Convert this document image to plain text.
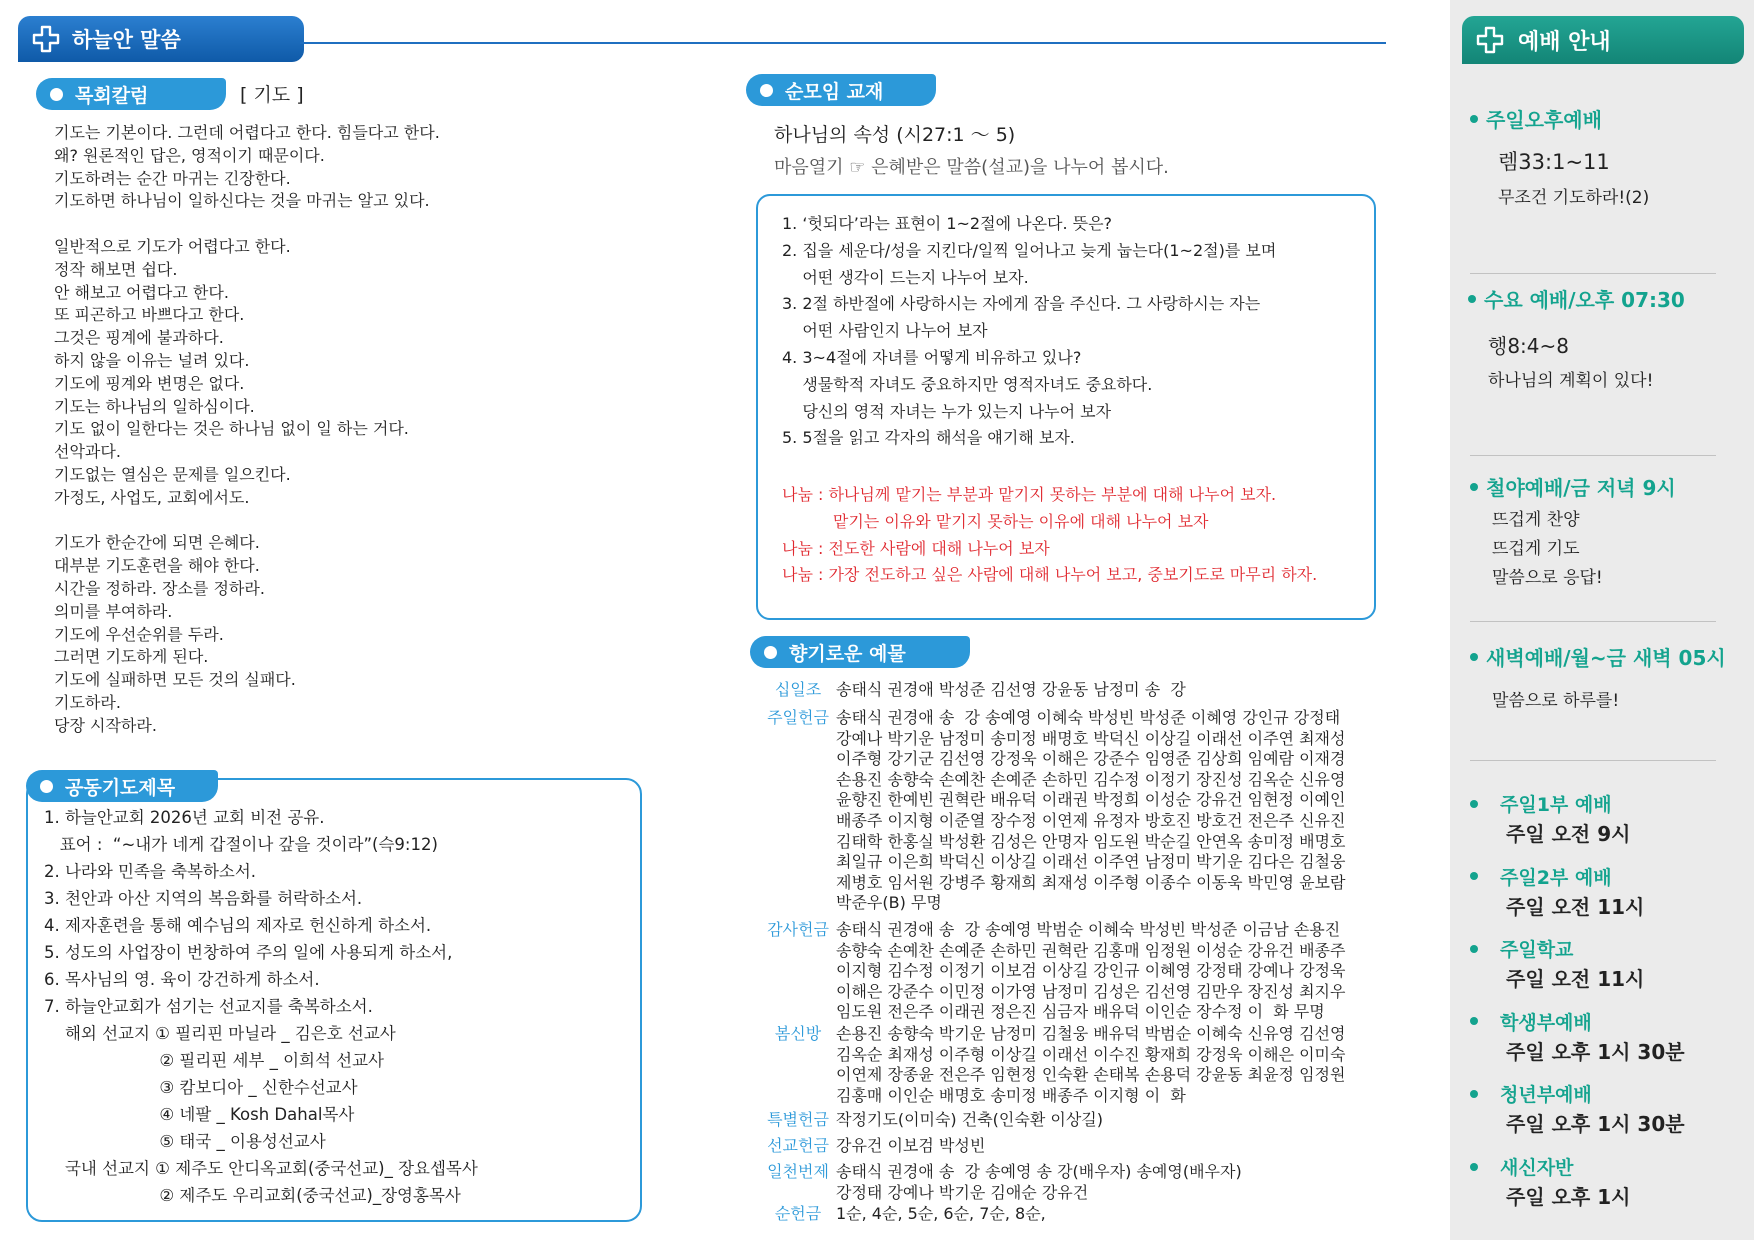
하늘안 말씀
목회칼럼	[ 기도 ]
기도는 기본이다. 그런데 어렵다고 한다. 힘들다고 한다.
왜? 원론적인 답은, 영적이기 때문이다.
기도하려는 순간 마귀는 긴장한다.
기도하면 하나님이 일하신다는 것을 마귀는 알고 있다.
일반적으로 기도가 어렵다고 한다.
정작 해보면 쉽다.
안 해보고 어렵다고 한다.
또 피곤하고 바쁘다고 한다.
그것은 핑계에 불과하다.
하지 않을 이유는 널려 있다.
기도에 핑계와 변명은 없다.
기도는 하나님의 일하심이다.
기도 없이 일한다는 것은 하나님 없이 일 하는 거다.
선악과다.
기도없는 열심은 문제를 일으킨다.
가정도, 사업도, 교회에서도.
기도가 한순간에 되면 은혜다.
대부분 기도훈련을 해야 한다.
시간을 정하라. 장소를 정하라.
의미를 부여하라.
기도에 우선순위를 두라.
그러면 기도하게 된다.
기도에 실패하면 모든 것의 실패다.
기도하라.
당장 시작하라.
공동기도제목
1. 하늘안교회 2026년 교회 비전 공유.
표어 :  “~내가 네게 갑절이나 갚을 것이라”(슥9:12)
2. 나라와 민족을 축복하소서.
3. 천안과 아산 지역의 복음화를 허락하소서.
4. 제자훈련을 통해 예수님의 제자로 헌신하게 하소서.
5. 성도의 사업장이 번창하여 주의 일에 사용되게 하소서,
6. 목사님의 영. 육이 강건하게 하소서.
7. 하늘안교회가 섬기는 선교지를 축복하소서.
해외 선교지 ① 필리핀 마닐라 _ 김은호 선교사
② 필리핀 세부 _ 이희석 선교사
③ 캄보디아 _ 신한수선교사
④ 네팔 _ Kosh Dahal목사
⑤ 태국 _ 이용성선교사
국내 선교지 ① 제주도 안디옥교회(중국선교)_ 장요셉목사
② 제주도 우리교회(중국선교)_장영홍목사
순모임 교재
하나님의 속성 (시27:1 ～ 5)
마음열기 ☞ 은혜받은 말씀(설교)을 나누어 봅시다.
1. ‘헛되다’라는 표현이 1~2절에 나온다. 뜻은?
2. 집을 세운다/성을 지킨다/일찍 일어나고 늦게 눕는다(1~2절)를 보며
어떤 생각이 드는지 나누어 보자.
3. 2절 하반절에 사랑하시는 자에게 잠을 주신다. 그 사랑하시는 자는
어떤 사람인지 나누어 보자
4. 3~4절에 자녀를 어떻게 비유하고 있나?
생물학적 자녀도 중요하지만 영적자녀도 중요하다.
당신의 영적 자녀는 누가 있는지 나누어 보자
5. 5절을 읽고 각자의 해석을 얘기해 보자.
나눔 : 하나님께 맡기는 부분과 맡기지 못하는 부분에 대해 나누어 보자.
맡기는 이유와 맡기지 못하는 이유에 대해 나누어 보자
나눔 : 전도한 사람에 대해 나누어 보자
나눔 : 가장 전도하고 싶은 사람에 대해 나누어 보고, 중보기도로 마무리 하자.
향기로운 예물
십일조 송태식 권경애 박성준 김선영 강윤동 남정미 송  강
주일헌금 송태식 권경애 송  강 송예영 이혜숙 박성빈 박성준 이혜영 강인규 강정태
강예나 박기운 남정미 송미정 배명호 박덕신 이상길 이래선 이주연 최재성
이주형 강기군 김선영 강정욱 이해은 강준수 임영준 김상희 임예람 이재경
손용진 송향숙 손예찬 손예준 손하민 김수정 이정기 장진성 김옥순 신유영
윤향진 한예빈 권혁란 배유덕 이래권 박정희 이성순 강유건 임현정 이예인
배종주 이지형 이준열 장수정 이연제 유정자 방호진 방호건 전은주 신유진
김태학 한홍실 박성환 김성은 안명자 임도원 박순길 안연옥 송미정 배명호
최일규 이은희 박덕신 이상길 이래선 이주연 남정미 박기운 김다은 김철웅
제병호 임서원 강병주 황재희 최재성 이주형 이종수 이동욱 박민영 윤보람
박준우(B) 무명
감사헌금 송태식 권경애 송  강 송예영 박범순 이혜숙 박성빈 박성준 이금남 손용진
송향숙 손예찬 손예준 손하민 권혁란 김홍매 임정원 이성순 강유건 배종주
이지형 김수정 이정기 이보검 이상길 강인규 이혜영 강정태 강예나 강정욱
이해은 강준수 이민정 이가영 남정미 김성은 김선영 김만우 장진성 최지우
임도원 전은주 이래권 정은진 심금자 배유덕 이인순 장수정 이  화 무명
봄신방 손용진 송향숙 박기운 남정미 김철웅 배유덕 박범순 이혜숙 신유영 김선영
김옥순 최재성 이주형 이상길 이래선 이수진 황재희 강정욱 이해은 이미숙
이연제 장종윤 전은주 임현정 인숙환 손태복 손용덕 강윤동 최윤정 임정원
김홍매 이인순 배명호 송미정 배종주 이지형 이  화
특별헌금 작정기도(이미숙) 건축(인숙환 이상길)
선교헌금 강유건 이보검 박성빈
일천번제 송태식 권경애 송  강 송예영 송 강(배우자) 송예영(배우자)
강정태 강예나 박기운 김애순 강유건
순헌금 1순, 4순, 5순, 6순, 7순, 8순,
예배 안내
주일오후예배
렘33:1~11
무조건 기도하라!(2)
수요 예배/오후 07:30
행8:4~8
하나님의 계획이 있다!
철야예배/금 저녁 9시
뜨겁게 찬양
뜨겁게 기도
말씀으로 응답!
새벽예배/월~금 새벽 05시
말씀으로 하루를!
주일1부 예배
주일 오전 9시
주일2부 예배
주일 오전 11시
주일학교
주일 오전 11시
학생부예배
주일 오후 1시 30분
청년부예배
주일 오후 1시 30분
새신자반
주일 오후 1시
